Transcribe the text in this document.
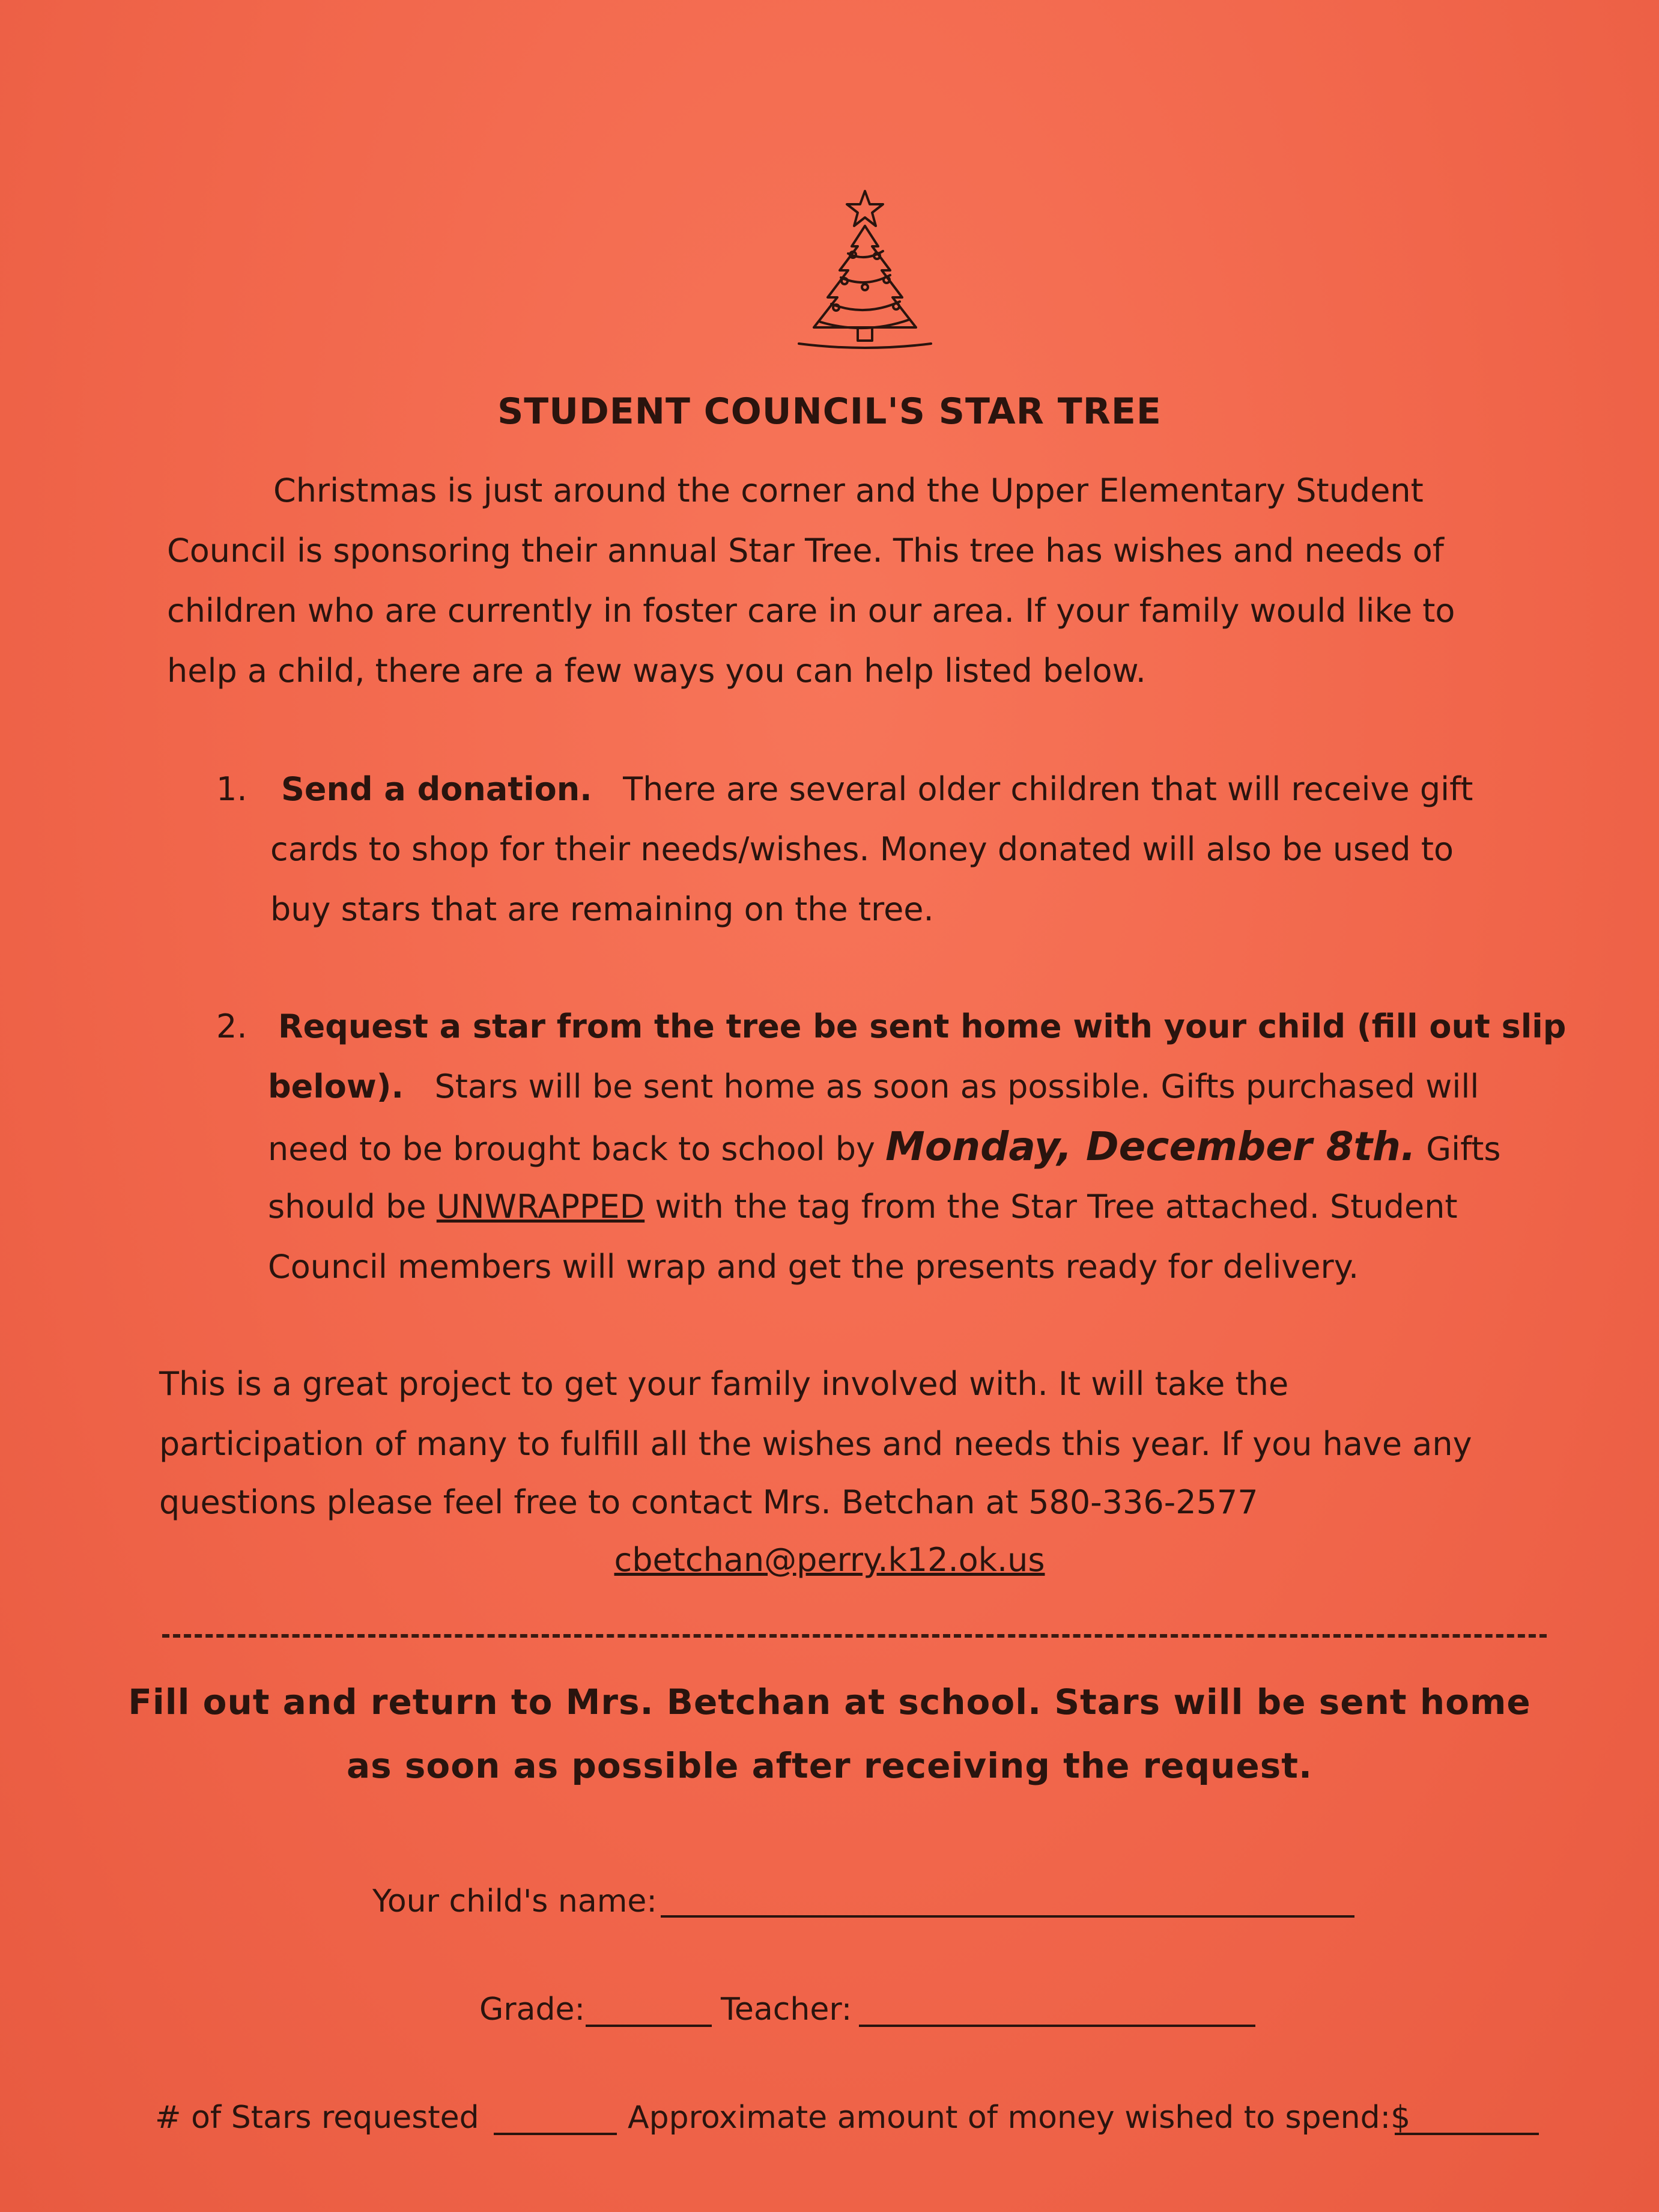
STUDENT COUNCIL'S STAR TREE
Christmas is just around the corner and the Upper Elementary Student
Council is sponsoring their annual Star Tree. This tree has wishes and needs of
children who are currently in foster care in our area. If your family would like to
help a child, there are a few ways you can help listed below.
1. Send a donation. There are several older children that will receive gift
cards to shop for their needs/wishes. Money donated will also be used to
buy stars that are remaining on the tree.
2. Request a star from the tree be sent home with your child (fill out slip
below). Stars will be sent home as soon as possible. Gifts purchased will
need to be brought back to school by Monday, December 8th. Gifts
should be UNWRAPPED with the tag from the Star Tree attached. Student
Council members will wrap and get the presents ready for delivery.
This is a great project to get your family involved with. It will take the
participation of many to fulfill all the wishes and needs this year. If you have any
questions please feel free to contact Mrs. Betchan at 580-336-2577
cbetchan@perry.k12.ok.us
Fill out and return to Mrs. Betchan at school. Stars will be sent home
as soon as possible after receiving the request.
Your child's name:
Grade:	Teacher:
# of Stars requested	Approximate amount of money wished to spend:$
